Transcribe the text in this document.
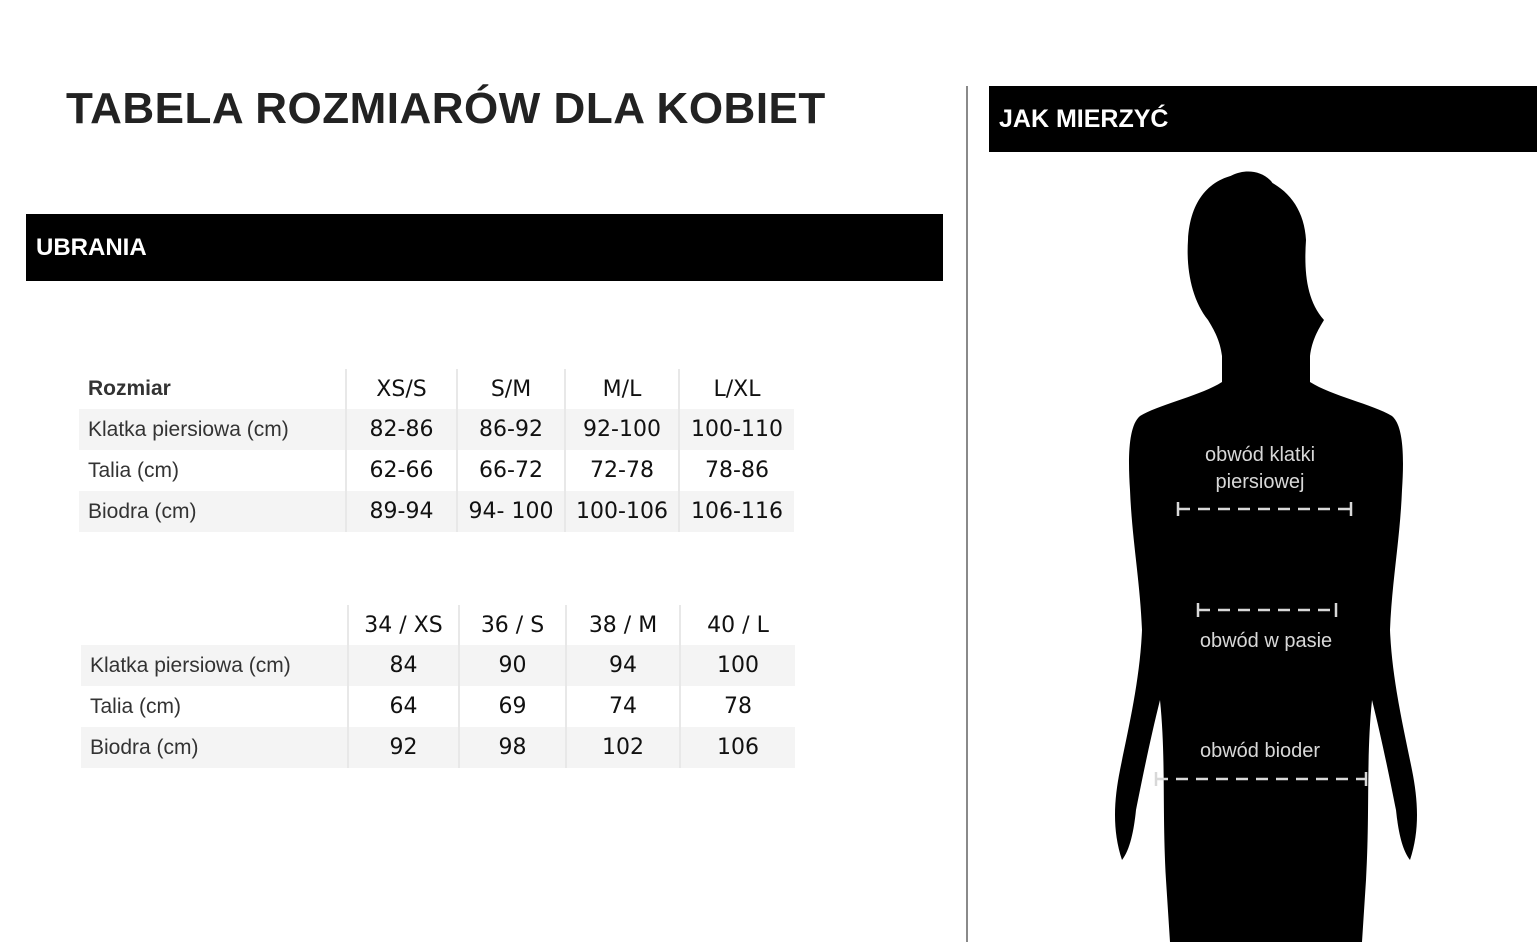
TABELA ROZMIARÓW DLA KOBIET
UBRANIA
JAK MIERZYĆ
Rozmiar	XS/S	S/M	M/L	L/XL
Klatka piersiowa (cm)	82-86	86-92	92-100	100-110
Talia (cm)	62-66	66-72	72-78	78-86
Biodra (cm)	89-94	94- 100	100-106	106-116
	34 / XS	36 / S	38 / M	40 / L
Klatka piersiowa (cm)	84	90	94	100
Talia (cm)	64	69	74	78
Biodra (cm)	92	98	102	106
obwód klatki
piersiowej
obwód w pasie
obwód bioder
